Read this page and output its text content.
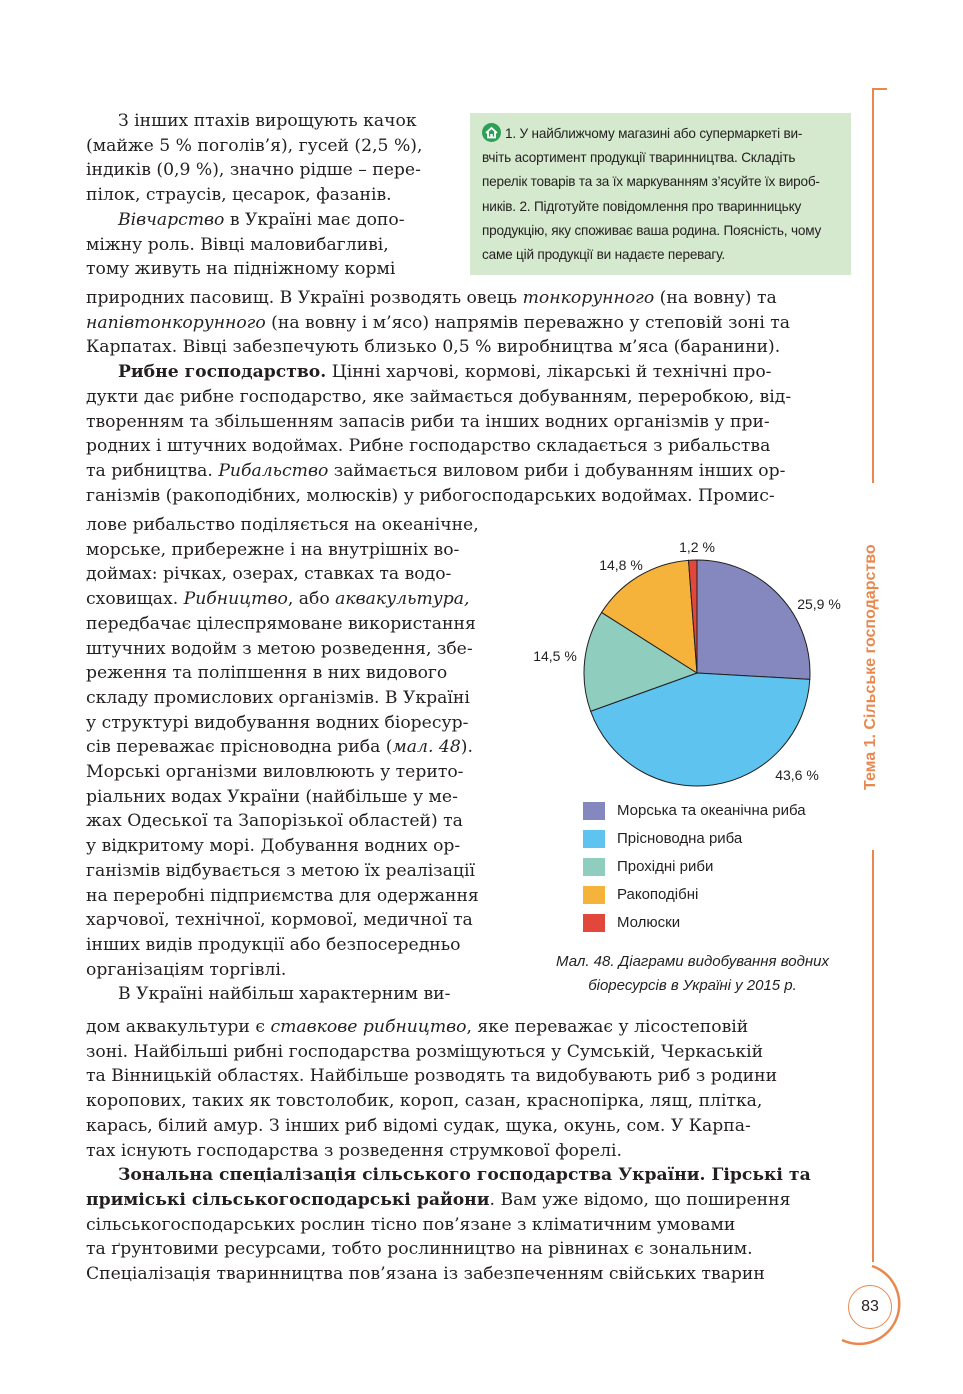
Тема 1. Сільське господарство
1. У найближчому магазині або супермаркеті ви-
вчіть асортимент продукції тваринництва. Складіть
перелік товарів та за їх маркуванням з’ясуйте їх вироб-
ників. 2. Підготуйте повідомлення про тваринницьку
продукцію, яку споживає ваша родина. Поясність, чому
саме цій продукції ви надаєте перевагу.

З інших птахів вирощують качок

(майже 5 % поголів’я), гусей (2,5 %),

індиків (0,9 %), значно рідше – пере-

пілок, страусів, цесарок, фазанів.

Вівчарство в Україні має допо-

міжну роль. Вівці маловибагливі,

тому живуть на підніжному кормі

природних пасовищ. В Україні розводять овець тонкорунного (на вовну) та

напівтонкорунного (на вовну і м’ясо) напрямів переважно у степовій зоні та

Карпатах. Вівці забезпечують близько 0,5 % виробництва м’яса (баранини).

Рибне господарство. Цінні харчові, кормові, лікарські й технічні про-

дукти дає рибне господарство, яке займається добуванням, переробкою, від-

творенням та збільшенням запасів риби та інших водних організмів у при-

родних і штучних водоймах. Рибне господарство складається з рибальства

та рибництва. Рибальство займається виловом риби і добуванням інших ор-

ганізмів (ракоподібних, молюсків) у рибогосподарських водоймах. Промис-

лове рибальство поділяється на океанічне,

морське, прибережне і на внутрішніх во-

доймах: річках, озерах, ставках та водо-

сховищах. Рибництво, або аквакультура,

передбачає цілеспрямоване використання

штучних водойм з метою розведення, збе-

реження та поліпшення в них видового

складу промислових організмів. В Україні

у структурі видобування водних біоресур-

сів переважає прісноводна риба (мал. 48).

Морські організми виловлюють у терито-

ріальних водах України (найбільше у ме-

жах Одеської та Запорізької областей) та

у відкритому морі. Добування водних ор-

ганізмів відбувається з метою їх реалізації

на переробні підприємства для одержання

харчової, технічної, кормової, медичної та

інших видів продукції або безпосередньо

організаціям торгівлі.

В Україні найбільш характерним ви-

дом аквакультури є ставкове рибництво, яке переважає у лісостеповій

зоні. Найбільші рибні господарства розміщуються у Сумській, Черкаській

та Вінницькій областях. Найбільше розводять та видобувають риб з родини

коропових, таких як товстолобик, короп, сазан, краснопірка, лящ, плітка,

карась, білий амур. З інших риб відомі судак, щука, окунь, сом. У Карпа-

тах існують господарства з розведення струмкової форелі.

Зональна спеціалізація сільського господарства України. Гірські та

приміські сільськогосподарські райони. Вам уже відомо, що поширення

сільськогосподарських рослин тісно пов’язане з кліматичним умовами

та ґрунтовими ресурсами, тобто рослинництво на рівнинах є зональним.

Спеціалізація тваринництва пов’язана із забезпеченням свійських тварин

25,9 %
43,6 %
14,5 %
14,8 %
1,2 %
Морська та океанічна риба
Прісноводна риба
Прохідні риби
Ракоподібні
Молюски
Мал. 48. Діаграми видобування водних
біоресурсів в Україні у 2015 р.
83
